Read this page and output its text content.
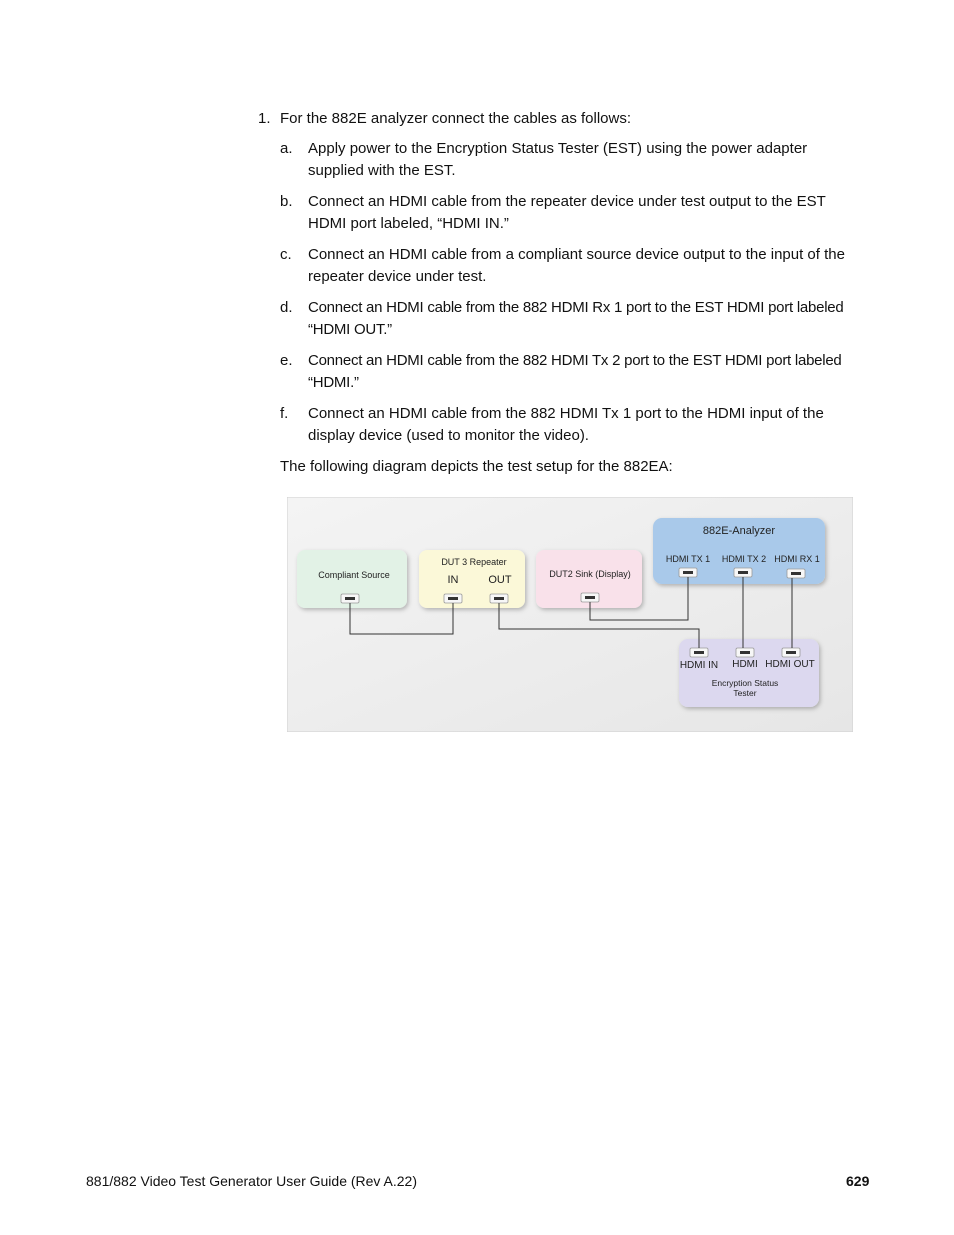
1. For the 882E analyzer connect the cables as follows:
a. Apply power to the Encryption Status Tester (EST) using the power adapter
supplied with the EST.
b. Connect an HDMI cable from the repeater device under test output to the EST
HDMI port labeled, “HDMI IN.”
c. Connect an HDMI cable from a compliant source device output to the input of the
repeater device under test.
d. Connect an HDMI cable from the 882 HDMI Rx 1 port to the EST HDMI port labeled
“HDMI OUT.”
e. Connect an HDMI cable from the 882 HDMI Tx 2 port to the EST HDMI port labeled
“HDMI.”
f. Connect an HDMI cable from the 882 HDMI Tx 1 port to the HDMI input of the
display device (used to monitor the video).
The following diagram depicts the test setup for the 882EA:
Compliant Source
DUT 3 Repeater
IN	OUT	DUT2 Sink (Display)
882E-Analyzer
HDMI TX 1 HDMI TX 2 HDMI RX 1
HDMI IN HDMI HDMI OUT
Encryption Status
Tester
881/882 Video Test Generator User Guide (Rev A.22)	629
